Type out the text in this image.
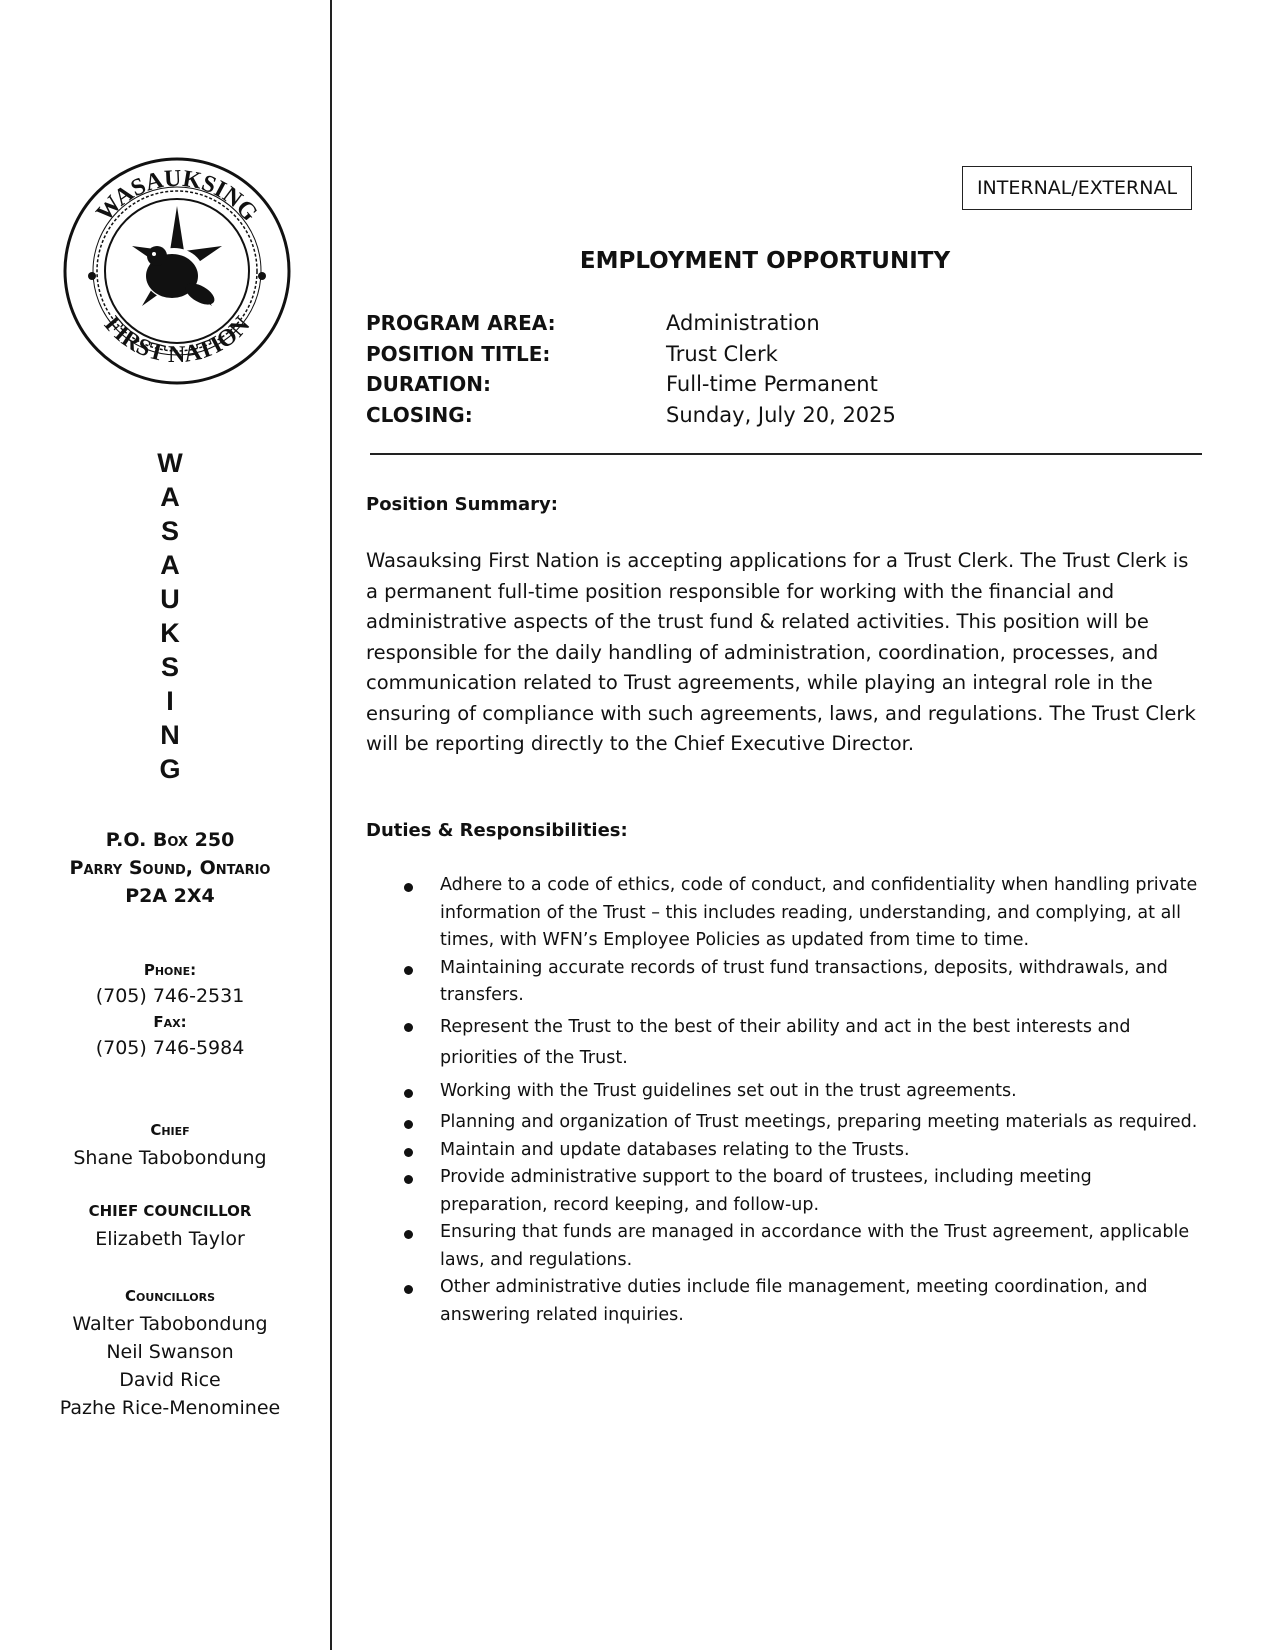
WASAUKSING
FIRST NATION
W
A
S
A
U
K
S
I
N
G
P.O. Box 250
Parry Sound, Ontario
P2A 2X4
Phone:
(705) 746-2531
Fax:
(705) 746-5984
Chief
Shane Tabobondung
CHIEF COUNCILLOR
Elizabeth Taylor
Councillors
Walter Tabobondung
Neil Swanson
David Rice
Pazhe Rice-Menominee
INTERNAL/EXTERNAL
EMPLOYMENT OPPORTUNITY
PROGRAM AREA:	Administration
POSITION TITLE:	Trust Clerk
DURATION:	Full-time Permanent
CLOSING:	Sunday, July 20, 2025
Position Summary:
Wasauksing First Nation is accepting applications for a Trust Clerk. The Trust Clerk is a permanent full-time position responsible for working with the financial and administrative aspects of the trust fund & related activities. This position will be responsible for the daily handling of administration, coordination, processes, and communication related to Trust agreements, while playing an integral role in the ensuring of compliance with such agreements, laws, and regulations. The Trust Clerk will be reporting directly to the Chief Executive Director.
Duties & Responsibilities:
Adhere to a code of ethics, code of conduct, and confidentiality when handling private information of the Trust – this includes reading, understanding, and complying, at all times, with WFN’s Employee Policies as updated from time to time.
Maintaining accurate records of trust fund transactions, deposits, withdrawals, and transfers.
Represent the Trust to the best of their ability and act in the best interests and priorities of the Trust.
Working with the Trust guidelines set out in the trust agreements.
Planning and organization of Trust meetings, preparing meeting materials as required.
Maintain and update databases relating to the Trusts.
Provide administrative support to the board of trustees, including meeting preparation, record keeping, and follow-up.
Ensuring that funds are managed in accordance with the Trust agreement, applicable laws, and regulations.
Other administrative duties include file management, meeting coordination, and answering related inquiries.
